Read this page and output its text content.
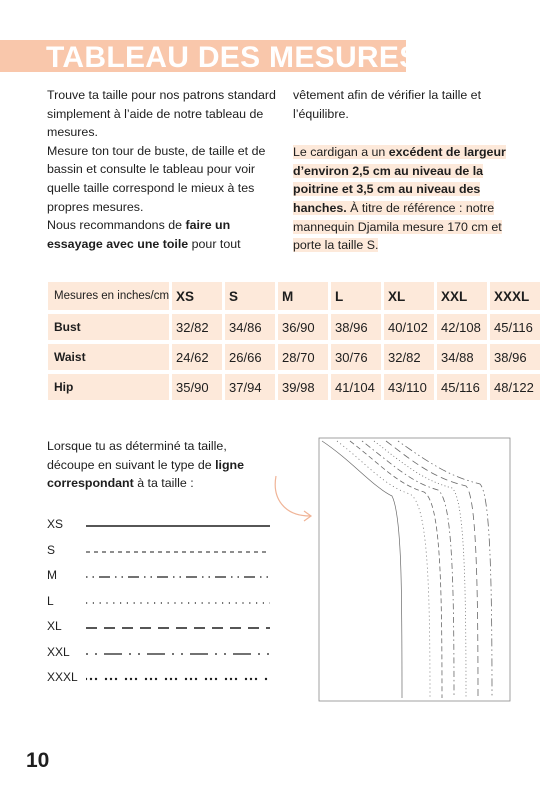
TABLEAU DES MESURES

Trouve ta taille pour nos patrons standard simplement à l’aide de notre tableau de mesures.

Mesure ton tour de buste, de taille et de bassin et consulte le tableau pour voir quelle taille correspond le mieux à tes propres mesures.

Nous recommandons de faire un essayage avec une toile pour tout

vêtement afin de vérifier la taille et l’équilibre.

Le cardigan a un excédent de largeur d’environ 2,5 cm au niveau de la poitrine et 3,5 cm au niveau des hanches. À titre de référence : notre mannequin Djamila mesure 170 cm et porte la taille S.

Mesures en inches/cm	XS	S	M	L	XL	XXL	XXXL
Bust	32/82	34/86	36/90	38/96	40/102	42/108	45/116
Waist	24/62	26/66	28/70	30/76	32/82	34/88	38/96
Hip	35/90	37/94	39/98	41/104	43/110	45/116	48/122

Lorsque tu as déterminé ta taille, découpe en suivant le type de ligne correspondant à ta taille :

XS
S
M
L
XL
XXL
XXXL
10
